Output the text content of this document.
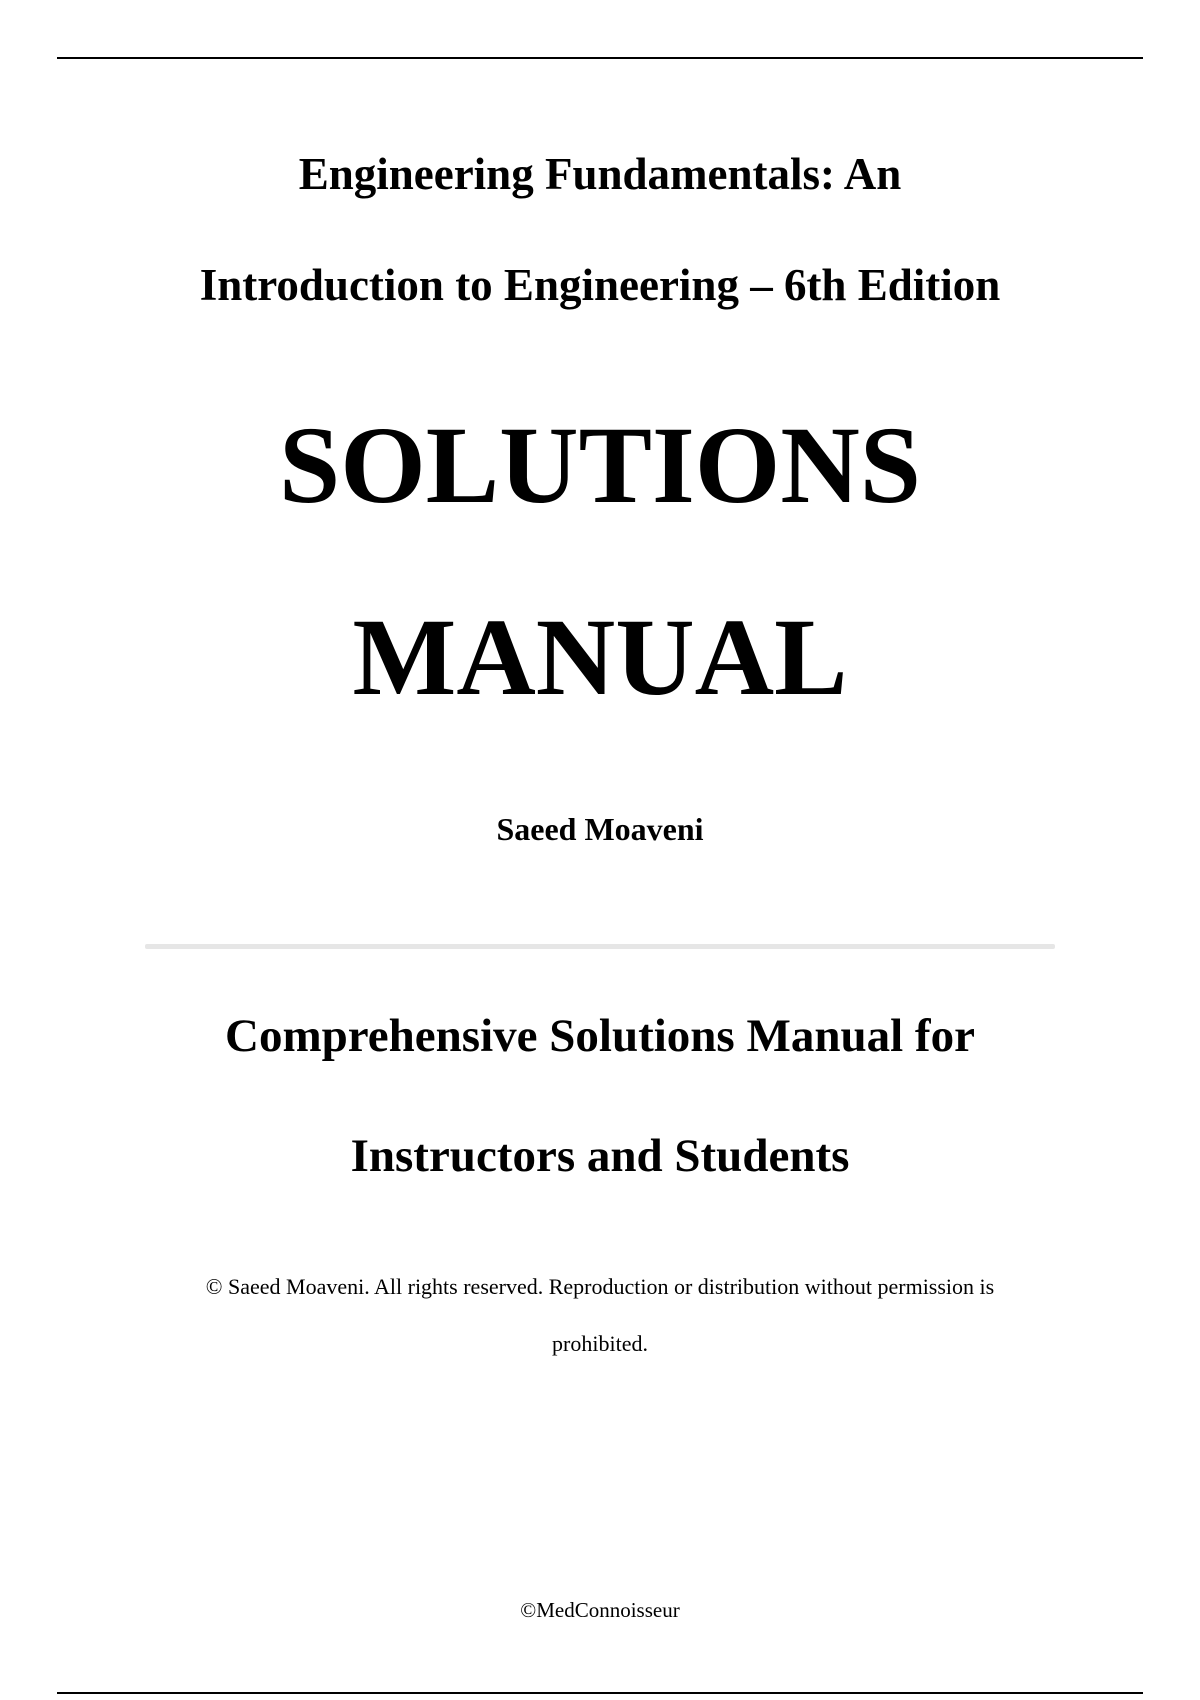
Engineering Fundamentals: An
Introduction to Engineering – 6th Edition
SOLUTIONS
MANUAL
Saeed Moaveni
Comprehensive Solutions Manual for
Instructors and Students

© Saeed Moaveni. All rights reserved. Reproduction or distribution without permission is

prohibited.

©MedConnoisseur
